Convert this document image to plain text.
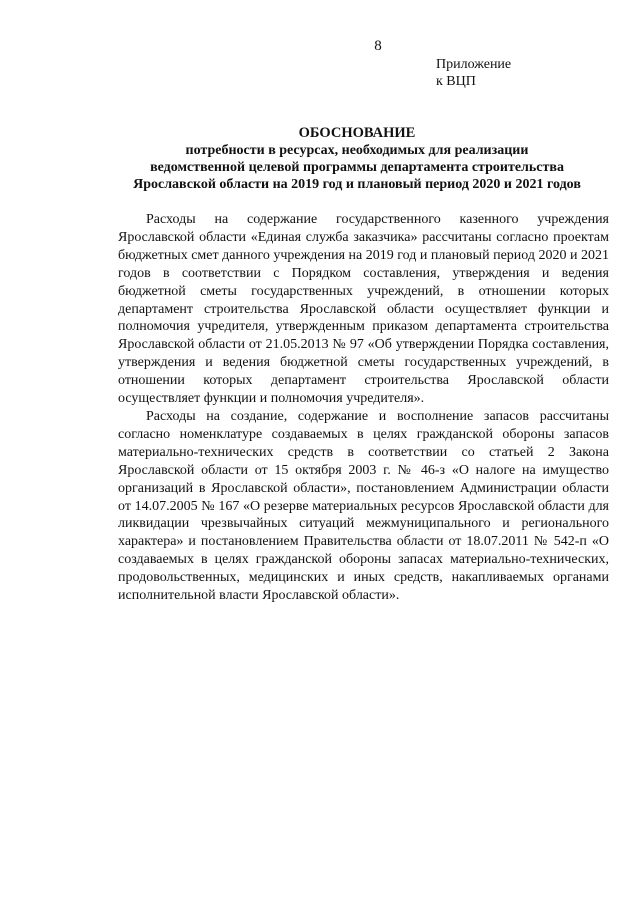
8
Приложение
к ВЦП
ОБОСНОВАНИЕ
потребности в ресурсах, необходимых для реализации
ведомственной целевой программы департамента строительства
Ярославской области на 2019 год и плановый период 2020 и 2021 годов

Расходы на содержание государственного казенного учреждения Ярославской области «Единая служба заказчика» рассчитаны согласно проектам бюджетных смет данного учреждения на 2019 год и плановый период 2020 и 2021 годов в соответствии с Порядком составления, утверждения и ведения бюджетной сметы государственных учреждений, в отношении которых департамент строительства Ярославской области осуществляет функции и полномочия учредителя, утвержденным приказом департамента строительства Ярославской области от 21.05.2013 № 97 «Об утверждении Порядка составления, утверждения и ведения бюджетной сметы государственных учреждений, в отношении которых департамент строительства Ярославской области осуществляет функции и полномочия учредителя».

Расходы на создание, содержание и восполнение запасов рассчитаны согласно номенклатуре создаваемых в целях гражданской обороны запасов материально-технических средств в соответствии со статьей 2 Закона Ярославской области от 15 октября 2003 г. № 46-з «О налоге на имущество организаций в Ярославской области», постановлением Администрации области от 14.07.2005 № 167 «О резерве материальных ресурсов Ярославской области для ликвидации чрезвычайных ситуаций межмуниципального и регионального характера» и постановлением Правительства области от 18.07.2011 № 542-п «О создаваемых в целях гражданской обороны запасах материально-технических, продовольственных, медицинских и иных средств, накапливаемых органами исполнительной власти Ярославской области».
